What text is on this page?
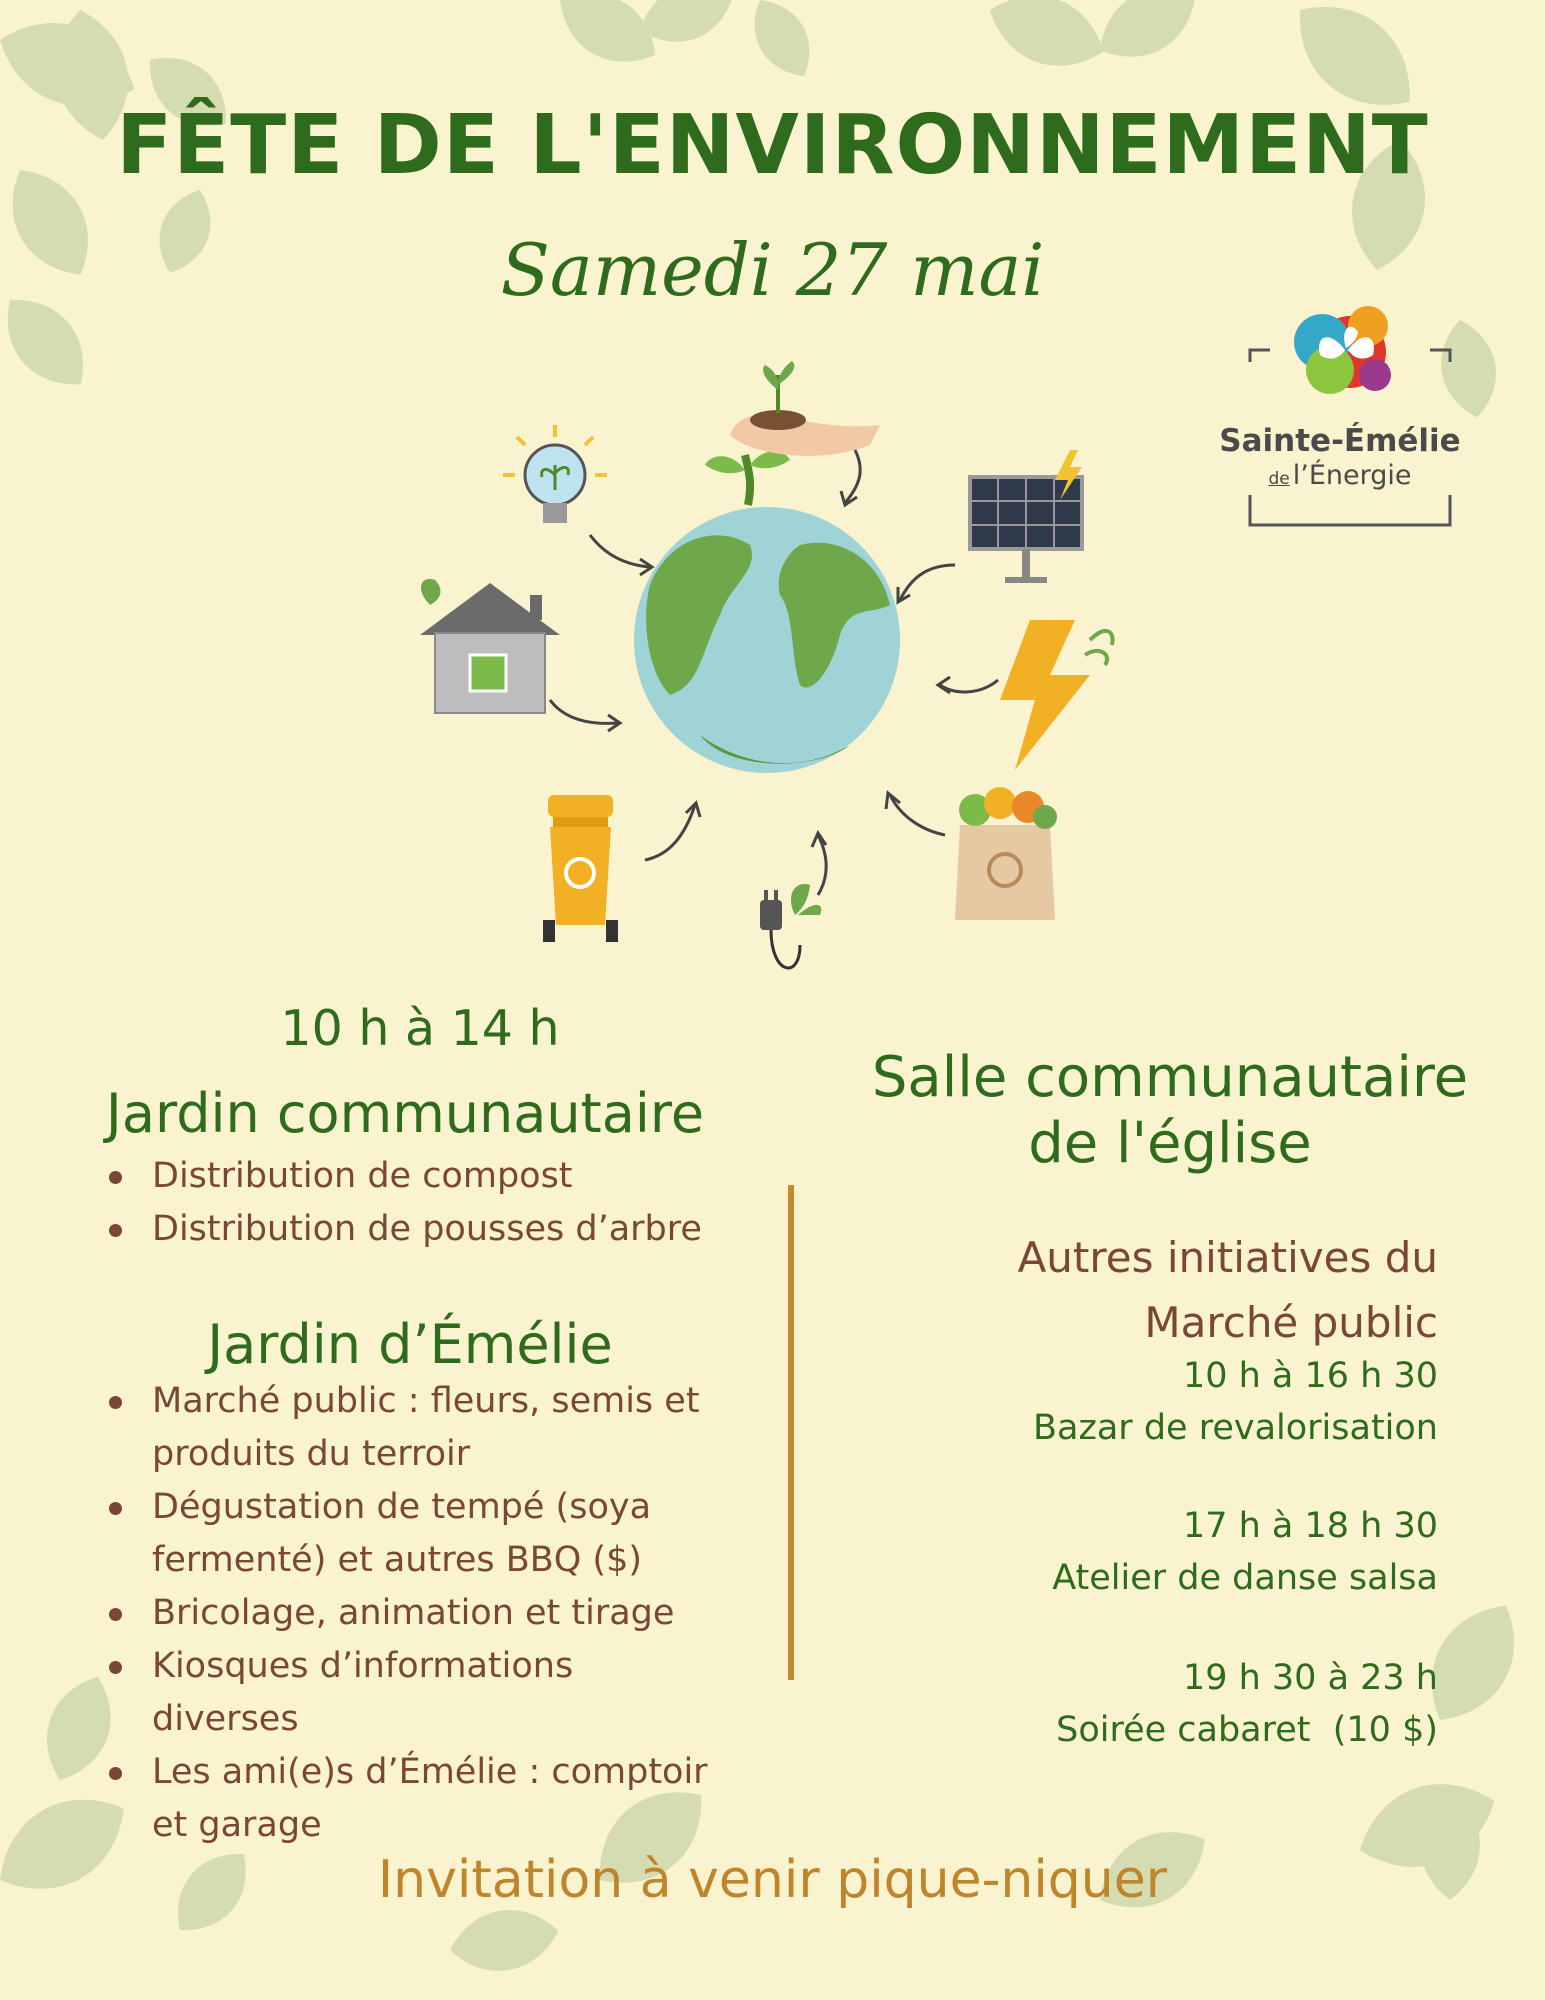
FÊTE DE L'ENVIRONNEMENT
Samedi 27 mai
Sainte-Émélie
de l’Énergie
10 h à 14 h
Jardin communautaire
Distribution de compost
Distribution de pousses d’arbre
Jardin d’Émélie
Marché public : fleurs, semis et produits du terroir
Dégustation de tempé (soya fermenté) et autres BBQ ($)
Bricolage, animation et tirage
Kiosques d’informations diverses
Les ami(e)s d’Émélie : comptoir et garage
Salle communautaire
de l'église
Autres initiatives du
Marché public
10 h à 16 h 30
Bazar de revalorisation
17 h à 18 h 30
Atelier de danse salsa
19 h 30 à 23 h
Soirée cabaret  (10 $)
Invitation à venir pique-niquer
